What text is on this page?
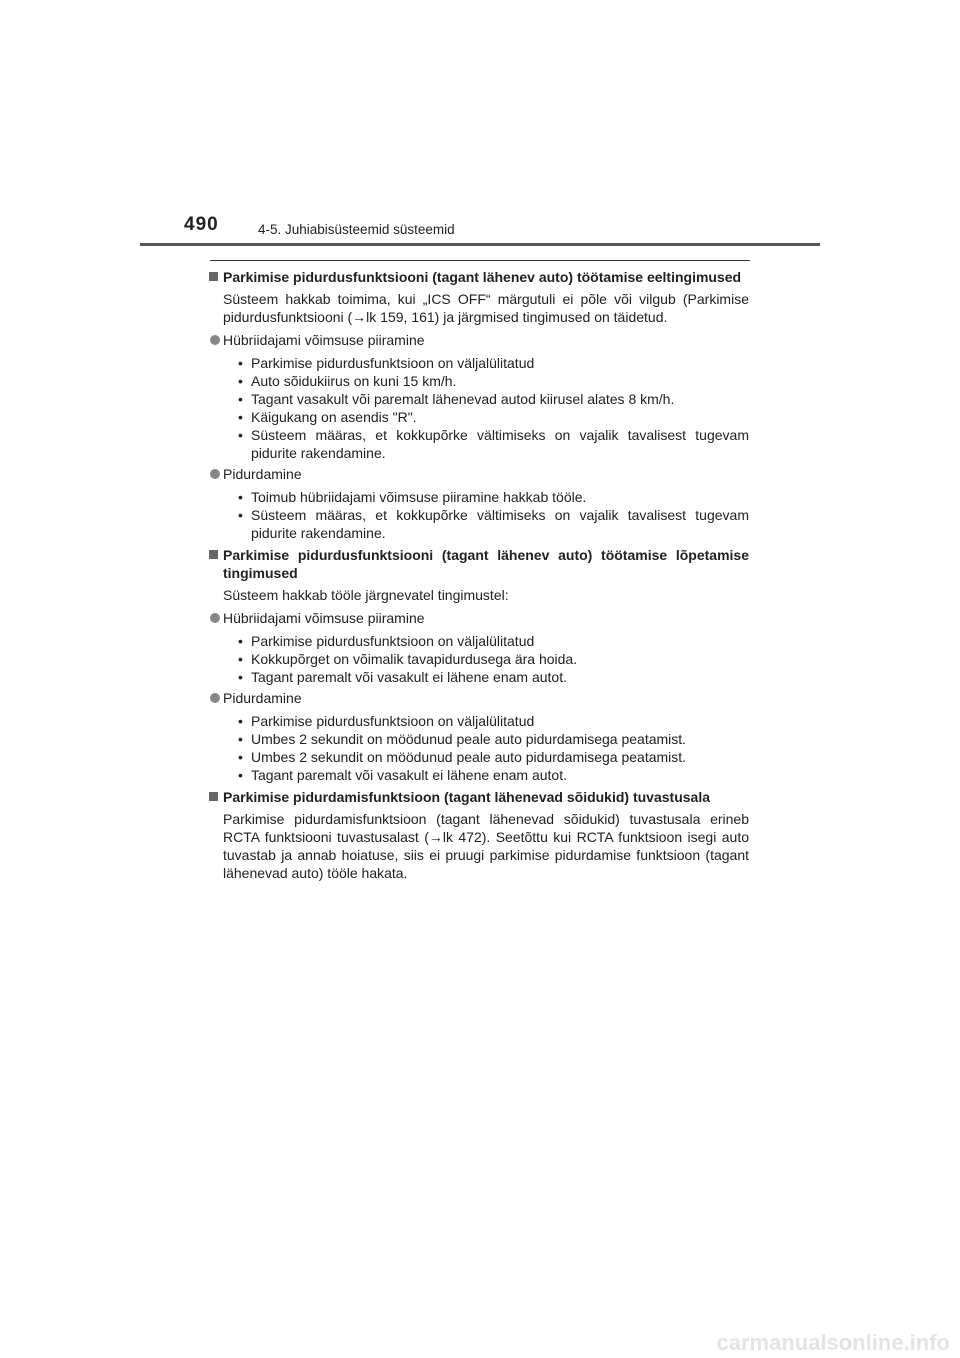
490	4-5. Juhiabisüsteemid süsteemid
Parkimise pidurdusfunktsiooni (tagant lähenev auto) töötamise eeltingimused
Süsteem hakkab toimima, kui „ICS OFF“ märgutuli ei põle või vilgub (Parkimise pidurdusfunktsiooni (→lk 159, 161) ja järgmised tingimused on täidetud.
Hübriidajami võimsuse piiramine
• Parkimise pidurdusfunktsioon on väljalülitatud
• Auto sõidukiirus on kuni 15 km/h.
• Tagant vasakult või paremalt lähenevad autod kiirusel alates 8 km/h.
• Käigukang on asendis "R".
• Süsteem määras, et kokkupõrke vältimiseks on vajalik tavalisest tugevam pidurite rakendamine.
Pidurdamine
• Toimub hübriidajami võimsuse piiramine hakkab tööle.
• Süsteem määras, et kokkupõrke vältimiseks on vajalik tavalisest tugevam pidurite rakendamine.
Parkimise pidurdusfunktsiooni (tagant lähenev auto) töötamise lõpetamise tingimused
Süsteem hakkab tööle järgnevatel tingimustel:
Hübriidajami võimsuse piiramine
• Parkimise pidurdusfunktsioon on väljalülitatud
• Kokkupõrget on võimalik tavapidurdusega ära hoida.
• Tagant paremalt või vasakult ei lähene enam autot.
Pidurdamine
• Parkimise pidurdusfunktsioon on väljalülitatud
• Umbes 2 sekundit on möödunud peale auto pidurdamisega peatamist.
• Umbes 2 sekundit on möödunud peale auto pidurdamisega peatamist.
• Tagant paremalt või vasakult ei lähene enam autot.
Parkimise pidurdamisfunktsioon (tagant lähenevad sõidukid) tuvastusala
Parkimise pidurdamisfunktsioon (tagant lähenevad sõidukid) tuvastusala erineb RCTA funktsiooni tuvastusalast (→lk 472). Seetõttu kui RCTA funktsioon isegi auto tuvastab ja annab hoiatuse, siis ei pruugi parkimise pidurdamise funktsioon (tagant lähenevad auto) tööle hakata.
carmanualsonline.info
